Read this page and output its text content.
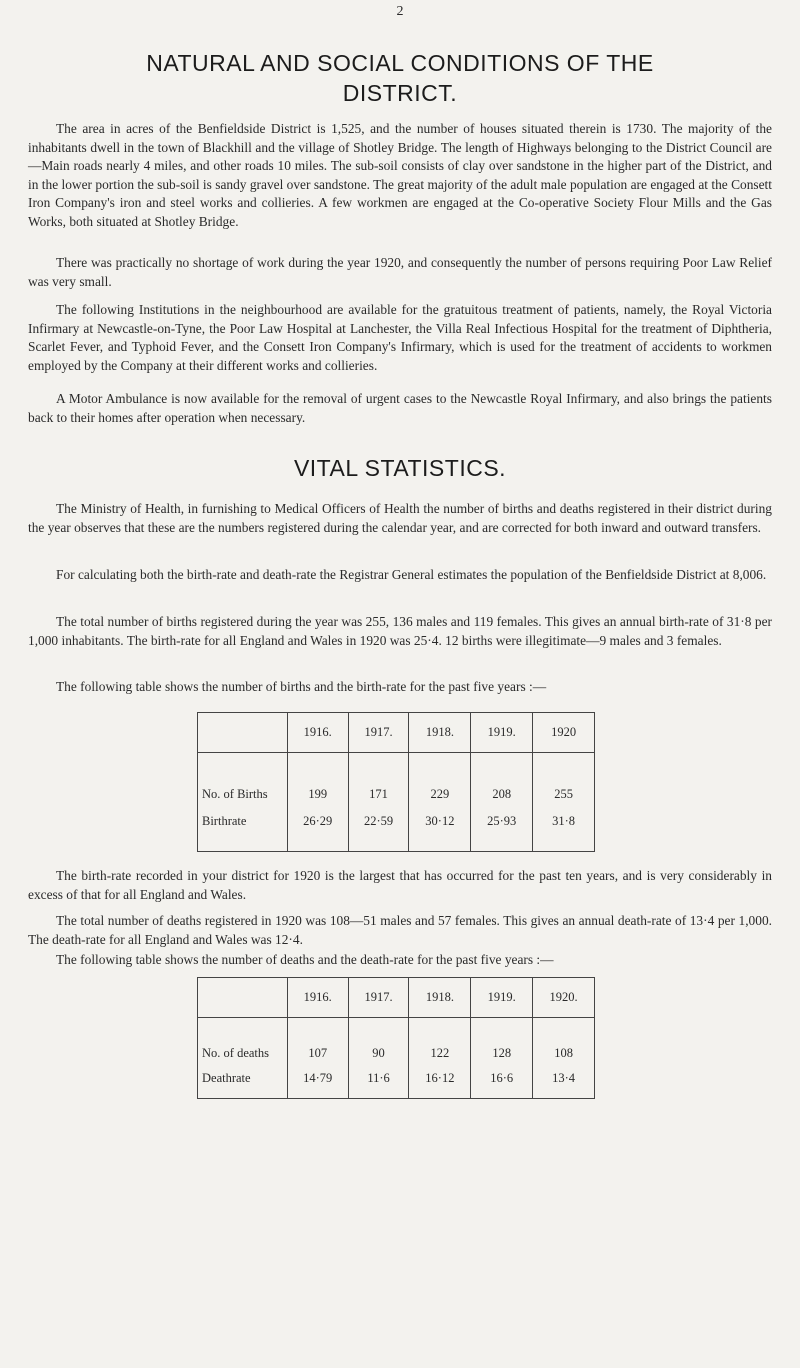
2
NATURAL AND SOCIAL CONDITIONS OF THE
DISTRICT.

The area in acres of the Benfieldside District is 1,525, and the number of houses situated therein is 1730. The majority of the inhabitants dwell in the town of Blackhill and the village of Shotley Bridge. The length of Highways belonging to the District Council are—Main roads nearly 4 miles, and other roads 10 miles. The sub-soil consists of clay over sandstone in the higher part of the District, and in the lower portion the sub-soil is sandy gravel over sandstone. The great majority of the adult male population are engaged at the Consett Iron Company's iron and steel works and collieries. A few workmen are engaged at the Co-operative Society Flour Mills and the Gas Works, both situated at Shotley Bridge.

There was practically no shortage of work during the year 1920, and consequently the number of persons requiring Poor Law Relief was very small.

The following Institutions in the neighbourhood are available for the gratuitous treatment of patients, namely, the Royal Victoria Infirmary at Newcastle-on-Tyne, the Poor Law Hospital at Lanchester, the Villa Real Infectious Hospital for the treatment of Diphtheria, Scarlet Fever, and Typhoid Fever, and the Consett Iron Company's Infirmary, which is used for the treatment of accidents to workmen employed by the Company at their different works and collieries.

A Motor Ambulance is now available for the removal of urgent cases to the Newcastle Royal Infirmary, and also brings the patients back to their homes after operation when necessary.

VITAL STATISTICS.

The Ministry of Health, in furnishing to Medical Officers of Health the number of births and deaths registered in their district during the year observes that these are the numbers registered during the calendar year, and are corrected for both inward and outward transfers.

For calculating both the birth-rate and death-rate the Registrar General estimates the population of the Benfieldside District at 8,006.

The total number of births registered during the year was 255, 136 males and 119 females. This gives an annual birth-rate of 31·8 per 1,000 inhabitants. The birth-rate for all England and Wales in 1920 was 25·4. 12 births were illegitimate—9 males and 3 females.

The following table shows the number of births and the birth-rate for the past five years :—

	1916.	1917.	1918.	1919.	1920
No. of Births	199	171	229	208	255
Birthrate	26·29	22·59	30·12	25·93	31·8

The birth-rate recorded in your district for 1920 is the largest that has occurred for the past ten years, and is very considerably in excess of that for all England and Wales.

The total number of deaths registered in 1920 was 108—51 males and 57 females. This gives an annual death-rate of 13·4 per 1,000. The death-rate for all England and Wales was 12·4.

The following table shows the number of deaths and the death-rate for the past five years :—

	1916.	1917.	1918.	1919.	1920.
No. of deaths	107	90	122	128	108
Deathrate	14·79	11·6	16·12	16·6	13·4
